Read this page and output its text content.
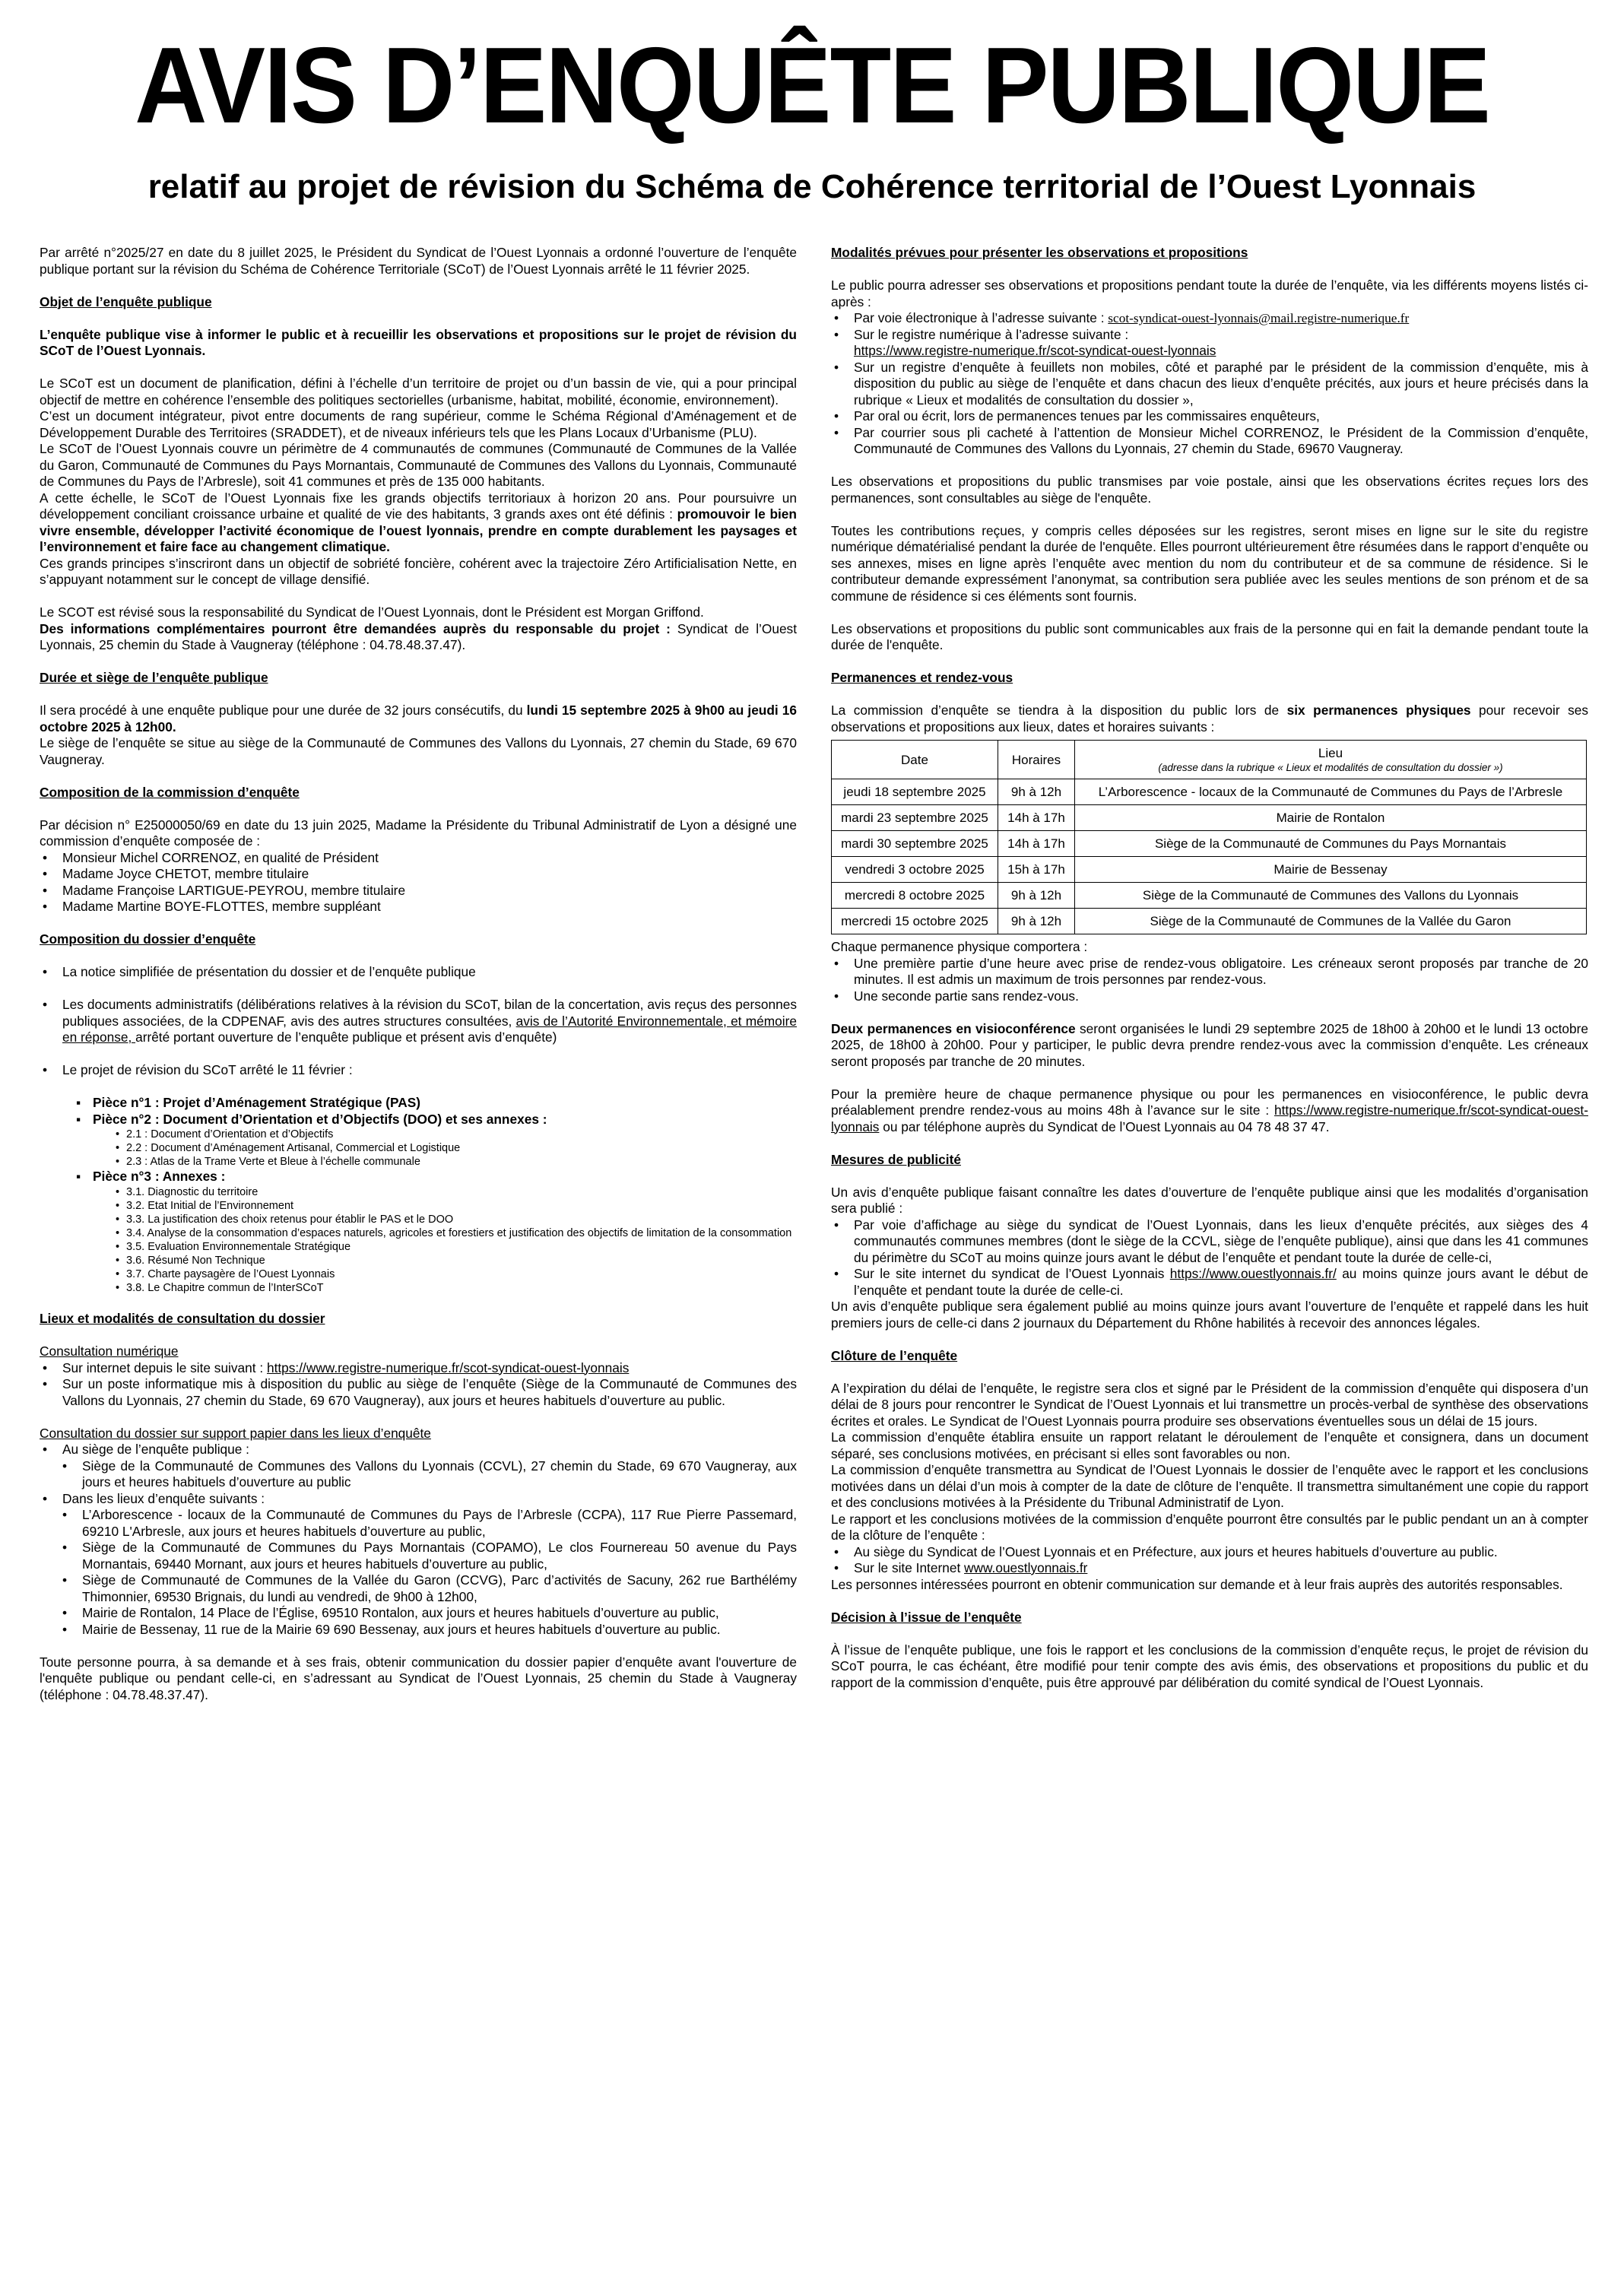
AVIS D’ENQUÊTE PUBLIQUE
relatif au projet de révision du Schéma de Cohérence territorial de l’Ouest Lyonnais

Par arrêté n°2025/27 en date du 8 juillet 2025, le Président du Syndicat de l’Ouest Lyonnais a ordonné l’ouverture de l’enquête publique portant sur la révision du Schéma de Cohérence Territoriale (SCoT) de l’Ouest Lyonnais arrêté le 11 février 2025.

Objet de l’enquête publique

L’enquête publique vise à informer le public et à recueillir les observations et propositions sur le projet de révision du SCoT de l’Ouest Lyonnais.

Le SCoT est un document de planification, défini à l’échelle d’un territoire de projet ou d’un bassin de vie, qui a pour principal objectif de mettre en cohérence l’ensemble des politiques sectorielles (urbanisme, habitat, mobilité, économie, environnement).

C’est un document intégrateur, pivot entre documents de rang supérieur, comme le Schéma Régional d’Aménagement et de Développement Durable des Territoires (SRADDET), et de niveaux inférieurs tels que les Plans Locaux d’Urbanisme (PLU).

Le SCoT de l’Ouest Lyonnais couvre un périmètre de 4 communautés de communes (Communauté de Communes de la Vallée du Garon, Communauté de Communes du Pays Mornantais, Communauté de Communes des Vallons du Lyonnais, Communauté de Communes du Pays de l’Arbresle), soit 41 communes et près de 135 000 habitants.

A cette échelle, le SCoT de l’Ouest Lyonnais fixe les grands objectifs territoriaux à horizon 20 ans. Pour poursuivre un développement conciliant croissance urbaine et qualité de vie des habitants, 3 grands axes ont été définis : promouvoir le bien vivre ensemble, développer l’activité économique de l’ouest lyonnais, prendre en compte durablement les paysages et l’environnement et faire face au changement climatique.

Ces grands principes s’inscriront dans un objectif de sobriété foncière, cohérent avec la trajectoire Zéro Artificialisation Nette, en s’appuyant notamment sur le concept de village densifié.

Le SCOT est révisé sous la responsabilité du Syndicat de l’Ouest Lyonnais, dont le Président est Morgan Griffond.

Des informations complémentaires pourront être demandées auprès du responsable du projet : Syndicat de l’Ouest Lyonnais, 25 chemin du Stade à Vaugneray (téléphone : 04.78.48.37.47).

Durée et siège de l’enquête publique

Il sera procédé à une enquête publique pour une durée de 32 jours consécutifs, du lundi 15 septembre 2025 à 9h00 au jeudi 16 octobre 2025 à 12h00.

Le siège de l’enquête se situe au siège de la Communauté de Communes des Vallons du Lyonnais, 27 chemin du Stade, 69 670 Vaugneray.

Composition de la commission d’enquête

Par décision n° E25000050/69 en date du 13 juin 2025, Madame la Présidente du Tribunal Administratif de Lyon a désigné une commission d’enquête composée de :

• Monsieur Michel CORRENOZ, en qualité de Président
• Madame Joyce CHETOT, membre titulaire
• Madame Françoise LARTIGUE-PEYROU, membre titulaire
• Madame Martine BOYE-FLOTTES, membre suppléant
Composition du dossier d’enquête
• La notice simplifiée de présentation du dossier et de l’enquête publique
• Les documents administratifs (délibérations relatives à la révision du SCoT, bilan de la concertation, avis reçus des personnes publiques associées, de la CDPENAF, avis des autres structures consultées, avis de l’Autorité Environnementale, et mémoire en réponse, arrêté portant ouverture de l’enquête publique et présent avis d’enquête)
• Le projet de révision du SCoT arrêté le 11 février :
▪ Pièce n°1 : Projet d’Aménagement Stratégique (PAS)
▪ Pièce n°2 : Document d’Orientation et d’Objectifs (DOO) et ses annexes :
• 2.1 : Document d’Orientation et d’Objectifs
• 2.2 : Document d’Aménagement Artisanal, Commercial et Logistique
• 2.3 : Atlas de la Trame Verte et Bleue à l’échelle communale
▪ Pièce n°3 : Annexes :
• 3.1. Diagnostic du territoire
• 3.2. Etat Initial de l’Environnement
• 3.3. La justification des choix retenus pour établir le PAS et le DOO
• 3.4. Analyse de la consommation d’espaces naturels, agricoles et forestiers et justification des objectifs de limitation de la consommation
• 3.5. Evaluation Environnementale Stratégique
• 3.6. Résumé Non Technique
• 3.7. Charte paysagère de l’Ouest Lyonnais
• 3.8. Le Chapitre commun de l’InterSCoT
Lieux et modalités de consultation du dossier
Consultation numérique
• Sur internet depuis le site suivant : https://www.registre-numerique.fr/scot-syndicat-ouest-lyonnais
• Sur un poste informatique mis à disposition du public au siège de l’enquête (Siège de la Communauté de Communes des Vallons du Lyonnais, 27 chemin du Stade, 69 670 Vaugneray), aux jours et heures habituels d’ouverture au public.
Consultation du dossier sur support papier dans les lieux d’enquête
• Au siège de l’enquête publique :
• Siège de la Communauté de Communes des Vallons du Lyonnais (CCVL), 27 chemin du Stade, 69 670 Vaugneray, aux jours et heures habituels d’ouverture au public
• Dans les lieux d’enquête suivants :
• L’Arborescence - locaux de la Communauté de Communes du Pays de l’Arbresle (CCPA), 117 Rue Pierre Passemard, 69210 L'Arbresle, aux jours et heures habituels d’ouverture au public,
• Siège de la Communauté de Communes du Pays Mornantais (COPAMO), Le clos Fournereau 50 avenue du Pays Mornantais, 69440 Mornant, aux jours et heures habituels d’ouverture au public,
• Siège de Communauté de Communes de la Vallée du Garon (CCVG), Parc d’activités de Sacuny, 262 rue Barthélémy Thimonnier, 69530 Brignais, du lundi au vendredi, de 9h00 à 12h00,
• Mairie de Rontalon, 14 Place de l’Église, 69510 Rontalon, aux jours et heures habituels d’ouverture au public,
• Mairie de Bessenay, 11 rue de la Mairie 69 690 Bessenay, aux jours et heures habituels d’ouverture au public.

Toute personne pourra, à sa demande et à ses frais, obtenir communication du dossier papier d’enquête avant l'ouverture de l'enquête publique ou pendant celle-ci, en s’adressant au Syndicat de l’Ouest Lyonnais, 25 chemin du Stade à Vaugneray (téléphone : 04.78.48.37.47).

Modalités prévues pour présenter les observations et propositions

Le public pourra adresser ses observations et propositions pendant toute la durée de l’enquête, via les différents moyens listés ci-après :

• Par voie électronique à l’adresse suivante : scot-syndicat-ouest-lyonnais@mail.registre-numerique.fr
• Sur le registre numérique à l’adresse suivante :
https://www.registre-numerique.fr/scot-syndicat-ouest-lyonnais
• Sur un registre d’enquête à feuillets non mobiles, côté et paraphé par le président de la commission d’enquête, mis à disposition du public au siège de l’enquête et dans chacun des lieux d’enquête précités, aux jours et heure précisés dans la rubrique « Lieux et modalités de consultation du dossier »,
• Par oral ou écrit, lors de permanences tenues par les commissaires enquêteurs,
• Par courrier sous pli cacheté à l’attention de Monsieur Michel CORRENOZ, le Président de la Commission d’enquête, Communauté de Communes des Vallons du Lyonnais, 27 chemin du Stade, 69670 Vaugneray.

Les observations et propositions du public transmises par voie postale, ainsi que les observations écrites reçues lors des permanences, sont consultables au siège de l'enquête.

Toutes les contributions reçues, y compris celles déposées sur les registres, seront mises en ligne sur le site du registre numérique dématérialisé pendant la durée de l'enquête. Elles pourront ultérieurement être résumées dans le rapport d’enquête ou ses annexes, mises en ligne après l’enquête avec mention du nom du contributeur et de sa commune de résidence. Si le contributeur demande expressément l’anonymat, sa contribution sera publiée avec les seules mentions de son prénom et de sa commune de résidence si ces éléments sont fournis.

Les observations et propositions du public sont communicables aux frais de la personne qui en fait la demande pendant toute la durée de l'enquête.

Permanences et rendez-vous

La commission d’enquête se tiendra à la disposition du public lors de six permanences physiques pour recevoir ses observations et propositions aux lieux, dates et horaires suivants :

Date	Horaires	Lieu
(adresse dans la rubrique « Lieux et modalités de consultation du dossier »)

jeudi 18 septembre 2025	9h à 12h	L’Arborescence - locaux de la Communauté de Communes du Pays de l’Arbresle
mardi 23 septembre 2025	14h à 17h	Mairie de Rontalon
mardi 30 septembre 2025	14h à 17h	Siège de la Communauté de Communes du Pays Mornantais
vendredi 3 octobre 2025	15h à 17h	Mairie de Bessenay
mercredi 8 octobre 2025	9h à 12h	Siège de la Communauté de Communes des Vallons du Lyonnais
mercredi 15 octobre 2025	9h à 12h	Siège de la Communauté de Communes de la Vallée du Garon

Chaque permanence physique comportera :

• Une première partie d’une heure avec prise de rendez-vous obligatoire. Les créneaux seront proposés par tranche de 20 minutes. Il est admis un maximum de trois personnes par rendez-vous.
• Une seconde partie sans rendez-vous.

Deux permanences en visioconférence seront organisées le lundi 29 septembre 2025 de 18h00 à 20h00 et le lundi 13 octobre 2025, de 18h00 à 20h00. Pour y participer, le public devra prendre rendez-vous avec la commission d’enquête. Les créneaux seront proposés par tranche de 20 minutes.

Pour la première heure de chaque permanence physique ou pour les permanences en visioconférence, le public devra préalablement prendre rendez-vous au moins 48h à l’avance sur le site : https://www.registre-numerique.fr/scot-syndicat-ouest-lyonnais ou par téléphone auprès du Syndicat de l’Ouest Lyonnais au 04 78 48 37 47.

Mesures de publicité

Un avis d’enquête publique faisant connaître les dates d’ouverture de l’enquête publique ainsi que les modalités d’organisation sera publié :

• Par voie d’affichage au siège du syndicat de l’Ouest Lyonnais, dans les lieux d’enquête précités, aux sièges des 4 communautés communes membres (dont le siège de la CCVL, siège de l’enquête publique), ainsi que dans les 41 communes du périmètre du SCoT au moins quinze jours avant le début de l’enquête et pendant toute la durée de celle-ci,
• Sur le site internet du syndicat de l’Ouest Lyonnais https://www.ouestlyonnais.fr/ au moins quinze jours avant le début de l’enquête et pendant toute la durée de celle-ci.

Un avis d’enquête publique sera également publié au moins quinze jours avant l’ouverture de l’enquête et rappelé dans les huit premiers jours de celle-ci dans 2 journaux du Département du Rhône habilités à recevoir des annonces légales.

Clôture de l’enquête

A l’expiration du délai de l’enquête, le registre sera clos et signé par le Président de la commission d’enquête qui disposera d’un délai de 8 jours pour rencontrer le Syndicat de l’Ouest Lyonnais et lui transmettre un procès-verbal de synthèse des observations écrites et orales. Le Syndicat de l’Ouest Lyonnais pourra produire ses observations éventuelles sous un délai de 15 jours.

La commission d’enquête établira ensuite un rapport relatant le déroulement de l’enquête et consignera, dans un document séparé, ses conclusions motivées, en précisant si elles sont favorables ou non.

La commission d’enquête transmettra au Syndicat de l’Ouest Lyonnais le dossier de l’enquête avec le rapport et les conclusions motivées dans un délai d’un mois à compter de la date de clôture de l’enquête. Il transmettra simultanément une copie du rapport et des conclusions motivées à la Présidente du Tribunal Administratif de Lyon.

Le rapport et les conclusions motivées de la commission d’enquête pourront être consultés par le public pendant un an à compter de la clôture de l’enquête :

• Au siège du Syndicat de l’Ouest Lyonnais et en Préfecture, aux jours et heures habituels d’ouverture au public.
• Sur le site Internet www.ouestlyonnais.fr

Les personnes intéressées pourront en obtenir communication sur demande et à leur frais auprès des autorités responsables.

Décision à l’issue de l’enquête

À l’issue de l’enquête publique, une fois le rapport et les conclusions de la commission d’enquête reçus, le projet de révision du SCoT pourra, le cas échéant, être modifié pour tenir compte des avis émis, des observations et propositions du public et du rapport de la commission d’enquête, puis être approuvé par délibération du comité syndical de l’Ouest Lyonnais.
